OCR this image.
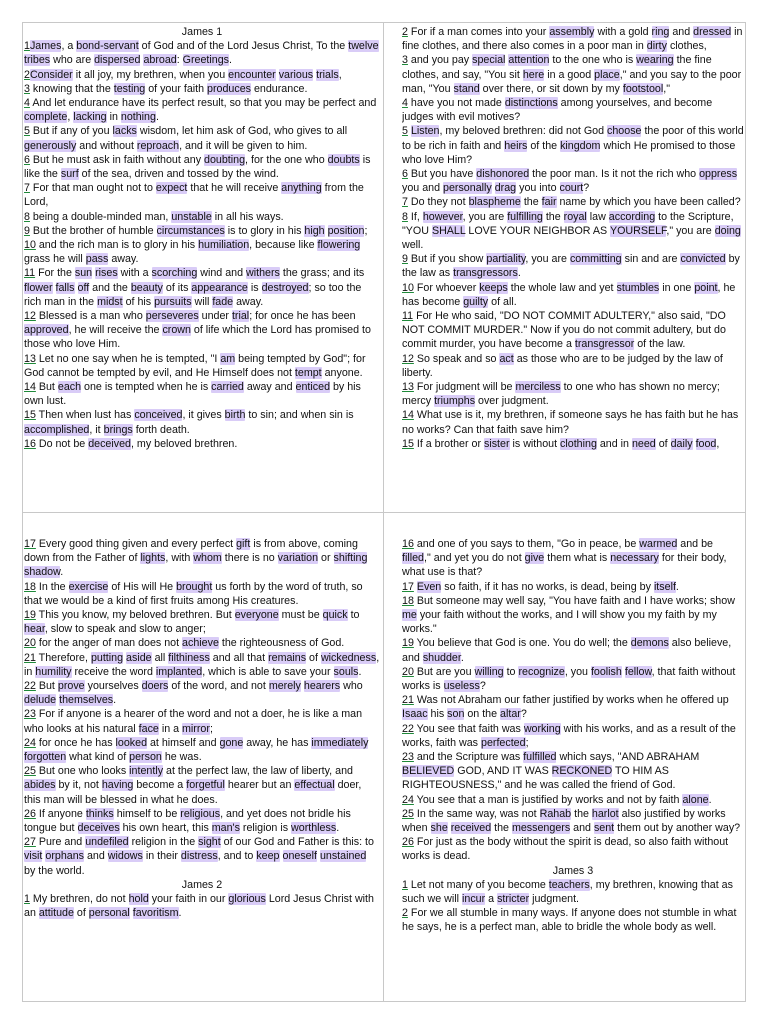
James 1

1James, a bond-servant of God and of the Lord Jesus Christ, To the twelve tribes who are dispersed abroad: Greetings.

2Consider it all joy, my brethren, when you encounter various trials,

3 knowing that the testing of your faith produces endurance.

4 And let endurance have its perfect result, so that you may be perfect and complete, lacking in nothing.

5 But if any of you lacks wisdom, let him ask of God, who gives to all generously and without reproach, and it will be given to him.

6 But he must ask in faith without any doubting, for the one who doubts is like the surf of the sea, driven and tossed by the wind.

7 For that man ought not to expect that he will receive anything from the Lord,

8 being a double-minded man, unstable in all his ways.

9 But the brother of humble circumstances is to glory in his high position;

10 and the rich man is to glory in his humiliation, because like flowering grass he will pass away.

11 For the sun rises with a scorching wind and withers the grass; and its flower falls off and the beauty of its appearance is destroyed; so too the rich man in the midst of his pursuits will fade away.

12 Blessed is a man who perseveres under trial; for once he has been approved, he will receive the crown of life which the Lord has promised to those who love Him.

13 Let no one say when he is tempted, "I am being tempted by God"; for God cannot be tempted by evil, and He Himself does not tempt anyone.

14 But each one is tempted when he is carried away and enticed by his own lust.

15 Then when lust has conceived, it gives birth to sin; and when sin is accomplished, it brings forth death.

16 Do not be deceived, my beloved brethren.

2 For if a man comes into your assembly with a gold ring and dressed in fine clothes, and there also comes in a poor man in dirty clothes,

3 and you pay special attention to the one who is wearing the fine clothes, and say, "You sit here in a good place," and you say to the poor man, "You stand over there, or sit down by my footstool,"

4 have you not made distinctions among yourselves, and become judges with evil motives?

5 Listen, my beloved brethren: did not God choose the poor of this world to be rich in faith and heirs of the kingdom which He promised to those who love Him?

6 But you have dishonored the poor man. Is it not the rich who oppress you and personally drag you into court?

7 Do they not blaspheme the fair name by which you have been called?

8 If, however, you are fulfilling the royal law according to the Scripture, "YOU SHALL LOVE YOUR NEIGHBOR AS YOURSELF," you are doing well.

9 But if you show partiality, you are committing sin and are convicted by the law as transgressors.

10 For whoever keeps the whole law and yet stumbles in one point, he has become guilty of all.

11 For He who said, "DO NOT COMMIT ADULTERY," also said, "DO NOT COMMIT MURDER." Now if you do not commit adultery, but do commit murder, you have become a transgressor of the law.

12 So speak and so act as those who are to be judged by the law of liberty.

13 For judgment will be merciless to one who has shown no mercy; mercy triumphs over judgment.

14 What use is it, my brethren, if someone says he has faith but he has no works? Can that faith save him?

15 If a brother or sister is without clothing and in need of daily food,

17 Every good thing given and every perfect gift is from above, coming down from the Father of lights, with whom there is no variation or shifting shadow.

18 In the exercise of His will He brought us forth by the word of truth, so that we would be a kind of first fruits among His creatures.

19 This you know, my beloved brethren. But everyone must be quick to hear, slow to speak and slow to anger;

20 for the anger of man does not achieve the righteousness of God.

21 Therefore, putting aside all filthiness and all that remains of wickedness, in humility receive the word implanted, which is able to save your souls.

22 But prove yourselves doers of the word, and not merely hearers who delude themselves.

23 For if anyone is a hearer of the word and not a doer, he is like a man who looks at his natural face in a mirror;

24 for once he has looked at himself and gone away, he has immediately forgotten what kind of person he was.

25 But one who looks intently at the perfect law, the law of liberty, and abides by it, not having become a forgetful hearer but an effectual doer, this man will be blessed in what he does.

26 If anyone thinks himself to be religious, and yet does not bridle his tongue but deceives his own heart, this man's religion is worthless.

27 Pure and undefiled religion in the sight of our God and Father is this: to visit orphans and widows in their distress, and to keep oneself unstained by the world.

James 2

1 My brethren, do not hold your faith in our glorious Lord Jesus Christ with an attitude of personal favoritism.

16 and one of you says to them, "Go in peace, be warmed and be filled," and yet you do not give them what is necessary for their body, what use is that?

17 Even so faith, if it has no works, is dead, being by itself.

18 But someone may well say, "You have faith and I have works; show me your faith without the works, and I will show you my faith by my works."

19 You believe that God is one. You do well; the demons also believe, and shudder.

20 But are you willing to recognize, you foolish fellow, that faith without works is useless?

21 Was not Abraham our father justified by works when he offered up Isaac his son on the altar?

22 You see that faith was working with his works, and as a result of the works, faith was perfected;

23 and the Scripture was fulfilled which says, "AND ABRAHAM BELIEVED GOD, AND IT WAS RECKONED TO HIM AS RIGHTEOUSNESS," and he was called the friend of God.

24 You see that a man is justified by works and not by faith alone.

25 In the same way, was not Rahab the harlot also justified by works when she received the messengers and sent them out by another way?

26 For just as the body without the spirit is dead, so also faith without works is dead.

James 3

1 Let not many of you become teachers, my brethren, knowing that as such we will incur a stricter judgment.

2 For we all stumble in many ways. If anyone does not stumble in what he says, he is a perfect man, able to bridle the whole body as well.
